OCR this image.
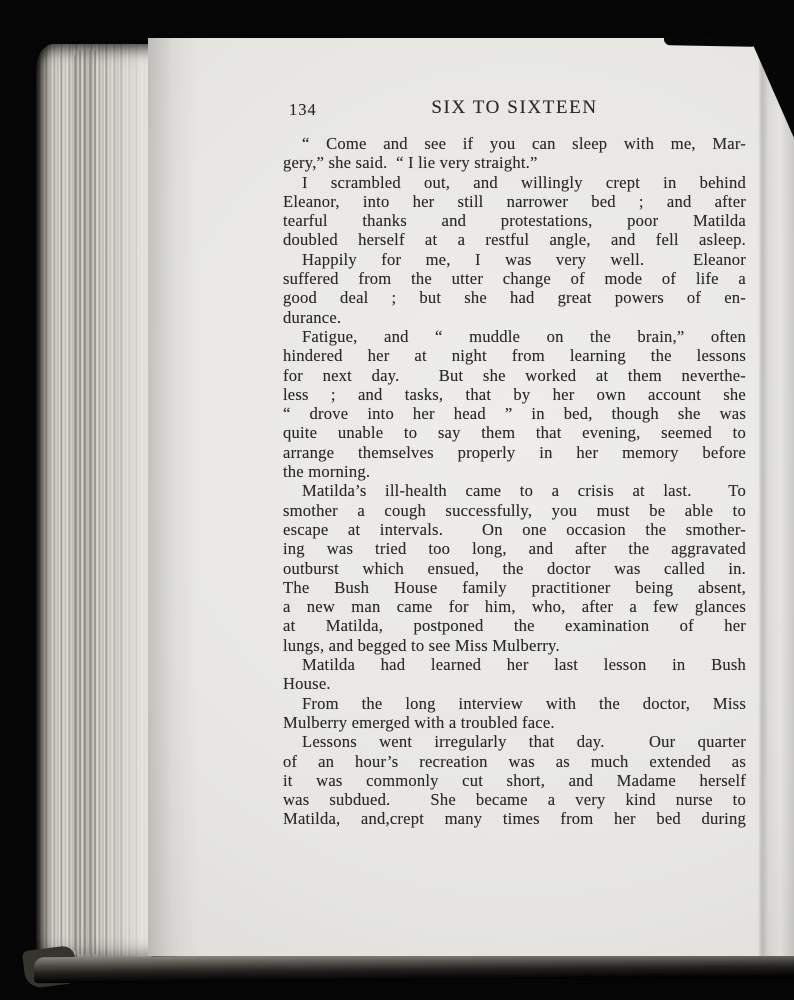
134	SIX TO SIXTEEN
“ Come and see if you can sleep with me, Mar-
gery,” she said.  “ I lie very straight.”
I scrambled out, and willingly crept in behind
Eleanor, into her still narrower bed ; and after
tearful thanks and protestations, poor Matilda
doubled herself at a restful angle, and fell asleep.
Happily for me, I was very well.  Eleanor
suffered from the utter change of mode of life a
good deal ; but she had great powers of en-
durance.
Fatigue, and “ muddle on the brain,” often
hindered her at night from learning the lessons
for next day.  But she worked at them neverthe-
less ; and tasks, that by her own account she
“ drove into her head ” in bed, though she was
quite unable to say them that evening, seemed to
arrange themselves properly in her memory before
the morning.
Matilda’s ill-health came to a crisis at last.  To
smother a cough successfully, you must be able to
escape at intervals.  On one occasion the smother-
ing was tried too long, and after the aggravated
outburst which ensued, the doctor was called in.
The Bush House family practitioner being absent,
a new man came for him, who, after a few glances
at Matilda, postponed the examination of her
lungs, and begged to see Miss Mulberry.
Matilda had learned her last lesson in Bush
House.
From the long interview with the doctor, Miss
Mulberry emerged with a troubled face.
Lessons went irregularly that day.  Our quarter
of an hour’s recreation was as much extended as
it was commonly cut short, and Madame herself
was subdued.  She became a very kind nurse to
Matilda, and,crept many times from her bed during
